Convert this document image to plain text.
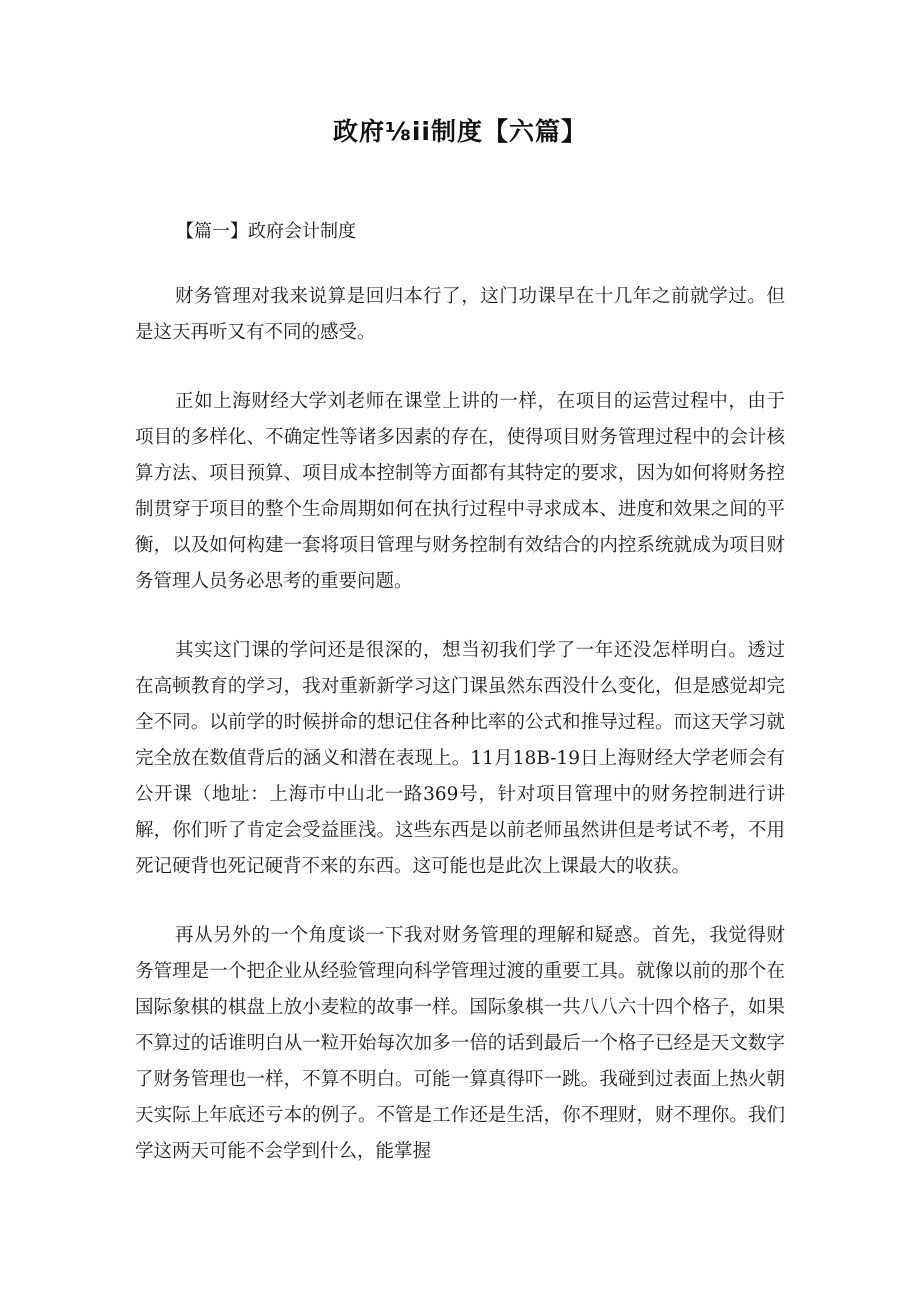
政府⅛ii制度【六篇】

【篇一】政府会计制度

财务管理对我来说算是回归本行了，这门功课早在十几年之前就学过。但是这天再听又有不同的感受。

正如上海财经大学刘老师在课堂上讲的一样，在项目的运营过程中，由于项目的多样化、不确定性等诸多因素的存在，使得项目财务管理过程中的会计核算方法、项目预算、项目成本控制等方面都有其特定的要求，因为如何将财务控制贯穿于项目的整个生命周期如何在执行过程中寻求成本、进度和效果之间的平衡，以及如何构建一套将项目管理与财务控制有效结合的内控系统就成为项目财务管理人员务必思考的重要问题。

其实这门课的学问还是很深的，想当初我们学了一年还没怎样明白。透过在高顿教育的学习，我对重新新学习这门课虽然东西没什么变化，但是感觉却完全不同。以前学的时候拼命的想记住各种比率的公式和推导过程。而这天学习就完全放在数值背后的涵义和潜在表现上。11月18B-19日上海财经大学老师会有公开课（地址：上海市中山北一路369号，针对项目管理中的财务控制进行讲解，你们听了肯定会受益匪浅。这些东西是以前老师虽然讲但是考试不考，不用死记硬背也死记硬背不来的东西。这可能也是此次上课最大的收获。

再从另外的一个角度谈一下我对财务管理的理解和疑惑。首先，我觉得财务管理是一个把企业从经验管理向科学管理过渡的重要工具。就像以前的那个在国际象棋的棋盘上放小麦粒的故事一样。国际象棋一共八八六十四个格子，如果不算过的话谁明白从一粒开始每次加多一倍的话到最后一个格子已经是天文数字了财务管理也一样，不算不明白。可能一算真得吓一跳。我碰到过表面上热火朝天实际上年底还亏本的例子。不管是工作还是生活，你不理财，财不理你。我们学这两天可能不会学到什么，能掌握
